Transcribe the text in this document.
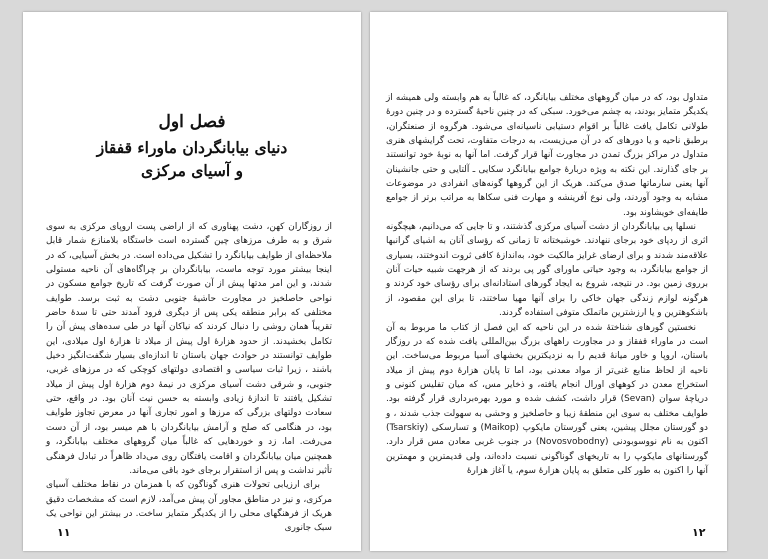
فصل اول
دنیای بیابانگردان ماوراء قفقاز
و آسیای مرکزی

از روزگاران کهن، دشت پهناوری که از اراضی پست اروپای مرکزی به سوی شرق و به طرف مرزهای چین گسترده است خاستگاه بلامنازع شمار قابل ملاحظه‌ای از طوایف بیابانگرد را تشکیل می‌داده است. در بخش آسیایی، که در اینجا بیشتر مورد توجه ماست، بیابانگردان بر چراگاه‌های آن ناحیه مستولی شدند، و این امر مدتها پیش از آن صورت گرفت که تاریخ جوامع مسکون در نواحی حاصلخیز در مجاورت حاشیهٔ جنوبی دشت به ثبت برسد. طوایف مختلفی که برابر منطقه یکی پس از دیگری فرود آمدند حتی تا سدهٔ حاضر تقریباً همان روشی را دنبال کردند که نیاکان آنها در طی سده‌های پیش آن را تکامل بخشیدند. از حدود هزارهٔ اول پیش از میلاد تا هزارهٔ اول میلادی، این طوایف توانستند در حوادث جهان باستان تا اندازه‌ای بسیار شگفت‌انگیز دخیل باشند ، زیرا ثبات سیاسی و اقتصادی دولتهای کوچکی که در مرزهای غربی، جنوبی، و شرقی دشت آسیای مرکزی در نیمهٔ دوم هزارهٔ اول پیش از میلاد تشکیل یافتند تا اندازهٔ زیادی وابسته به حسن نیت آنان بود. در واقع، حتی سعادت دولتهای بزرگی که مرزها و امور تجاری آنها در معرض تجاوز طوایف بود، در هنگامی که صلح و آرامش بیابانگردان با هم میسر بود، از آن دست می‌رفت. اما، زد و خوردهایی که غالباً میان گروههای مختلف بیابانگرد، و همچنین میان بیابانگردان و اقامت یافتگان روی می‌داد ظاهراً در تبادل فرهنگی تأثیر نداشت و پس از استقرار برجای خود باقی می‌ماند.

برای ارزیابی تحولات هنری گوناگون که با همزمان در نقاط مختلف آسیای مرکزی، و نیز در مناطق مجاور آن پیش می‌آمد، لازم است که مشخصات دقیق هریک از فرهنگهای محلی را از یکدیگر متمایز ساخت. در بیشتر این نواحی یک سبک جانوری

۱۱

متداول بود، که در میان گروههای مختلف بیابانگرد، که غالباً به هم وابسته ولی همیشه از یکدیگر متمایز بودند، به چشم می‌خورد. سبکی که در چنین ناحیهٔ گسترده و در چنین دورهٔ طولانی تکامل یافت غالباً بر اقوام دستیابی ناسیانه‌ای می‌شود. هرگروه از صنعتگران، برطبق ناحیه و یا دورهای که در آن می‌زیست، به درجات متفاوت، تحت گرایشهای هنری متداول در مراکز بزرگ تمدن در مجاورت آنها قرار گرفت. اما آنها به نوبهٔ خود توانستند بر جای گذارند. این نکته به ویژه دربارهٔ جوامع بیابانگرد سکایی ـ آلتایی و حتی جانشینان آنها یعنی سارماتها صدق می‌کند. هریک از این گروهها گونه‌های انفرادی در موضوعات مشابه به وجود آوردند، ولی نوع آفرینشه و مهارت فنی سکاها به مراتب برتر از جوامع طایفه‌ای خویشاوند بود.

نسلها پی بیابانگردان از دشت آسیای مرکزی گذشتند، و تا جایی که می‌دانیم، هیچگونه اثری از ردپای خود برجای ننهادند. خوشبختانه تا زمانی که رؤسای آنان به اشیای گرانبها علاقه‌مند شدند و برای ارضای غرایز مالکیت خود، به‌اندازهٔ کافی ثروت اندوختند، بسیاری از جوامع بیابانگرد، به وجود حیاتی ماورای گور پی بردند که از هرجهت شبیه حیات آنان برروی زمین بود. در نتیجه، شروع به ایجاد گورهای استادانه‌ای برای رؤسای خود کردند و هرگونه لوازم زندگی جهان خاکی را برای آنها مهیا ساختند، تا برای این مقصود، از باشکوهترین و یا ارزشترین ماتملک متوفی استفاده گردند.

نخستین گورهای شناختهٔ شده در این ناحیه که این فصل از کتاب ما مربوط به آن است در ماوراء قفقاز و در مجاورت راههای بزرگ بین‌المللی یافت شده که در روزگار باستان، اروپا و خاور میانهٔ قدیم را به نزدیکترین بخشهای آسیا مربوط می‌ساخت. این ناحیه از لحاظ منابع غنی‌تر از مواد معدنی بود، اما تا پایان هزارهٔ دوم پیش از میلاد استخراج معدن در کوههای اورال انجام یافته، و ذخایر مس، که میان تفلیس کنونی و دریاچهٔ سوان (Sevan) قرار داشت، کشف شده و مورد بهره‌برداری قرار گرفته بود. طوایف مختلف به سوی این منطقهٔ زیبا و حاصلخیز و وحشی به سهولت جذب شدند ، و دو گورستان مجلل پیشین، یعنی گورستان مایکوپ (Maikop) و تسارسکی (Tsarskiy) اکنون به نام نووسوبودنی (Novosvobodny) در جنوب غربی معادن مس قرار دارد. گورستانهای مایکوپ را به تاریخهای گوناگونی نسبت داده‌اند، ولی قدیمترین و مهمترین آنها را اکنون به طور کلی متعلق به پایان هزارهٔ سوم، یا آغاز هزارهٔ

۱۲
